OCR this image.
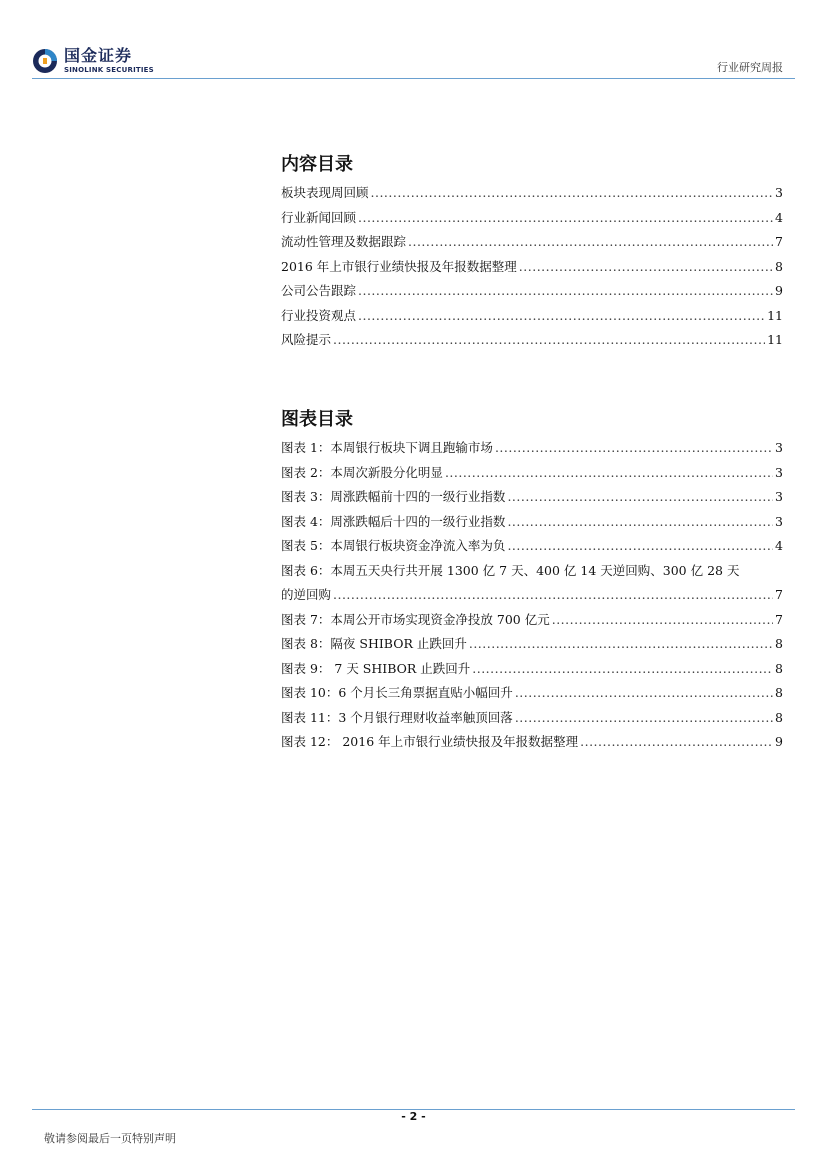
国金证券
SINOLINK SECURITIES	行业研究周报
内容目录
板块表现周回顾 .....	3
行业新闻回顾 .....	4
流动性管理及数据跟踪 .....	7
2016 年上市银行业绩快报及年报数据整理 .....	8
公司公告跟踪 .....	9
行业投资观点 .....	11
风险提示 .....	11
图表目录
图表 1：本周银行板块下调且跑输市场 .....	3
图表 2：本周次新股分化明显 .....	3
图表 3：周涨跌幅前十四的一级行业指数 .....	3
图表 4：周涨跌幅后十四的一级行业指数 .....	3
图表 5：本周银行板块资金净流入率为负 .....	4
图表 6：本周五天央行共开展 1300 亿 7 天、400 亿 14 天逆回购、300 亿 28 天
的逆回购 .....	7
图表 7：本周公开市场实现资金净投放 700 亿元 .....	7
图表 8：隔夜 SHIBOR 止跌回升 .....	8
图表 9： 7 天 SHIBOR 止跌回升 .....	8
图表 10：6 个月长三角票据直贴小幅回升 .....	8
图表 11：3 个月银行理财收益率触顶回落 .....	8
图表 12： 2016 年上市银行业绩快报及年报数据整理 .....	9
- 2 -
敬请参阅最后一页特别声明
